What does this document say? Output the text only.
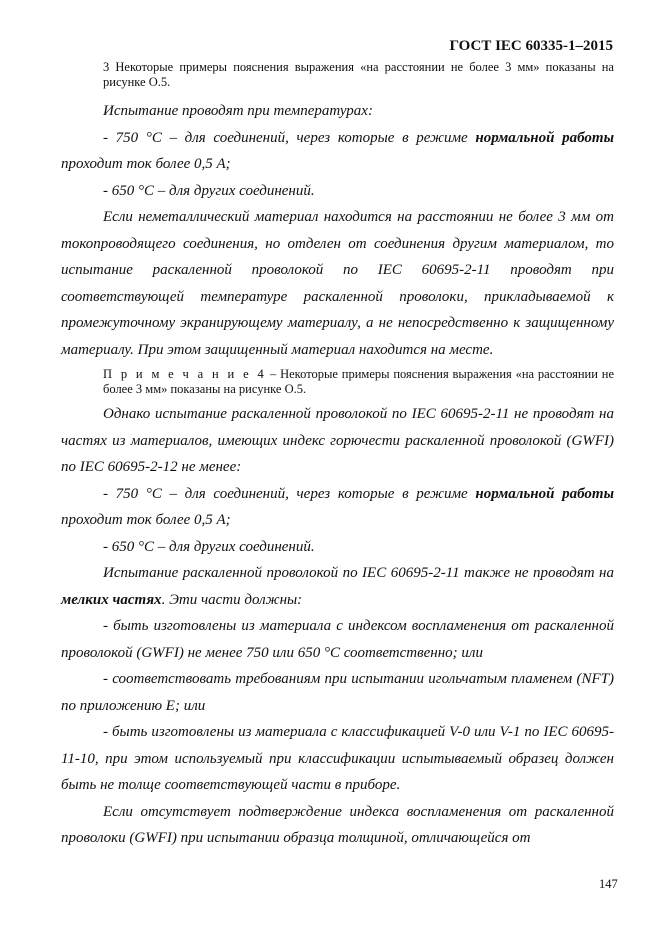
ГОСТ IEC 60335-1–2015
3 Некоторые примеры пояснения выражения «на расстоянии не более 3 мм» показаны на рисунке О.5.

Испытание проводят при температурах:

- 750 °С – для соединений, через которые в режиме нормальной работы проходит ток более 0,5 А;

- 650 °С – для других соединений.

Если неметаллический материал находится на расстоянии не более 3 мм от токопроводящего соединения, но отделен от соединения другим материалом, то испытание раскаленной проволокой по IEC 60695-2-11 проводят при соответствующей температуре раскаленной проволоки, прикладываемой к промежуточному экранирующему материалу, а не непосредственно к защищенному материалу. При этом защищенный материал находится на месте.

П р и м е ч а н и е 4 – Некоторые примеры пояснения выражения «на расстоянии не более 3 мм» показаны на рисунке О.5.

Однако испытание раскаленной проволокой по IEC 60695-2-11 не проводят на частях из материалов, имеющих индекс горючести раскаленной проволокой (GWFI) по IEC 60695-2-12 не менее:

- 750 °С – для соединений, через которые в режиме нормальной работы проходит ток более 0,5 А;

- 650 °С – для других соединений.

Испытание раскаленной проволокой по IEC 60695-2-11 также не проводят на мелких частях. Эти части должны:

- быть изготовлены из материала с индексом воспламенения от раскаленной проволокой (GWFI) не менее 750 или 650 °С соответственно; или

- соответствовать требованиям при испытании игольчатым пламенем (NFT) по приложению Е; или

- быть изготовлены из материала с классификацией V-0 или V-1 по IEC 60695-11-10, при этом используемый при классификации испытываемый образец должен быть не толще соответствующей части в приборе.

Если отсутствует подтверждение индекса воспламенения от раскаленной проволоки (GWFI) при испытании образца толщиной, отличающейся от

147
